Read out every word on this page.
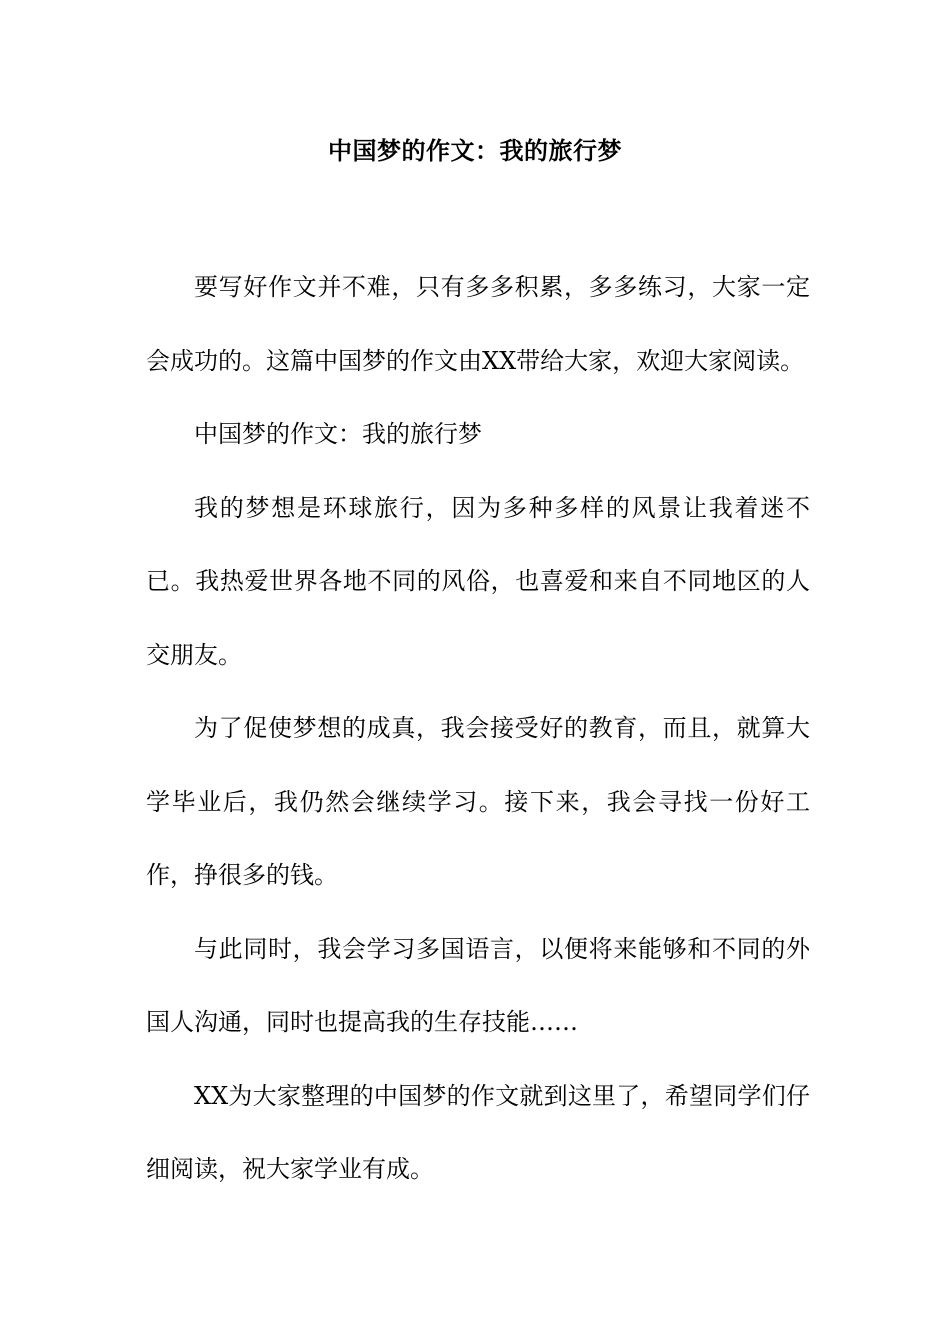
中国梦的作文：我的旅行梦

要写好作文并不难，只有多多积累，多多练习，大家一定会成功的。这篇中国梦的作文由XX带给大家，欢迎大家阅读。

中国梦的作文：我的旅行梦

我的梦想是环球旅行，因为多种多样的风景让我着迷不已。我热爱世界各地不同的风俗，也喜爱和来自不同地区的人交朋友。

为了促使梦想的成真，我会接受好的教育，而且，就算大学毕业后，我仍然会继续学习。接下来，我会寻找一份好工作，挣很多的钱。

与此同时，我会学习多国语言，以便将来能够和不同的外国人沟通，同时也提高我的生存技能……

XX为大家整理的中国梦的作文就到这里了，希望同学们仔细阅读，祝大家学业有成。
